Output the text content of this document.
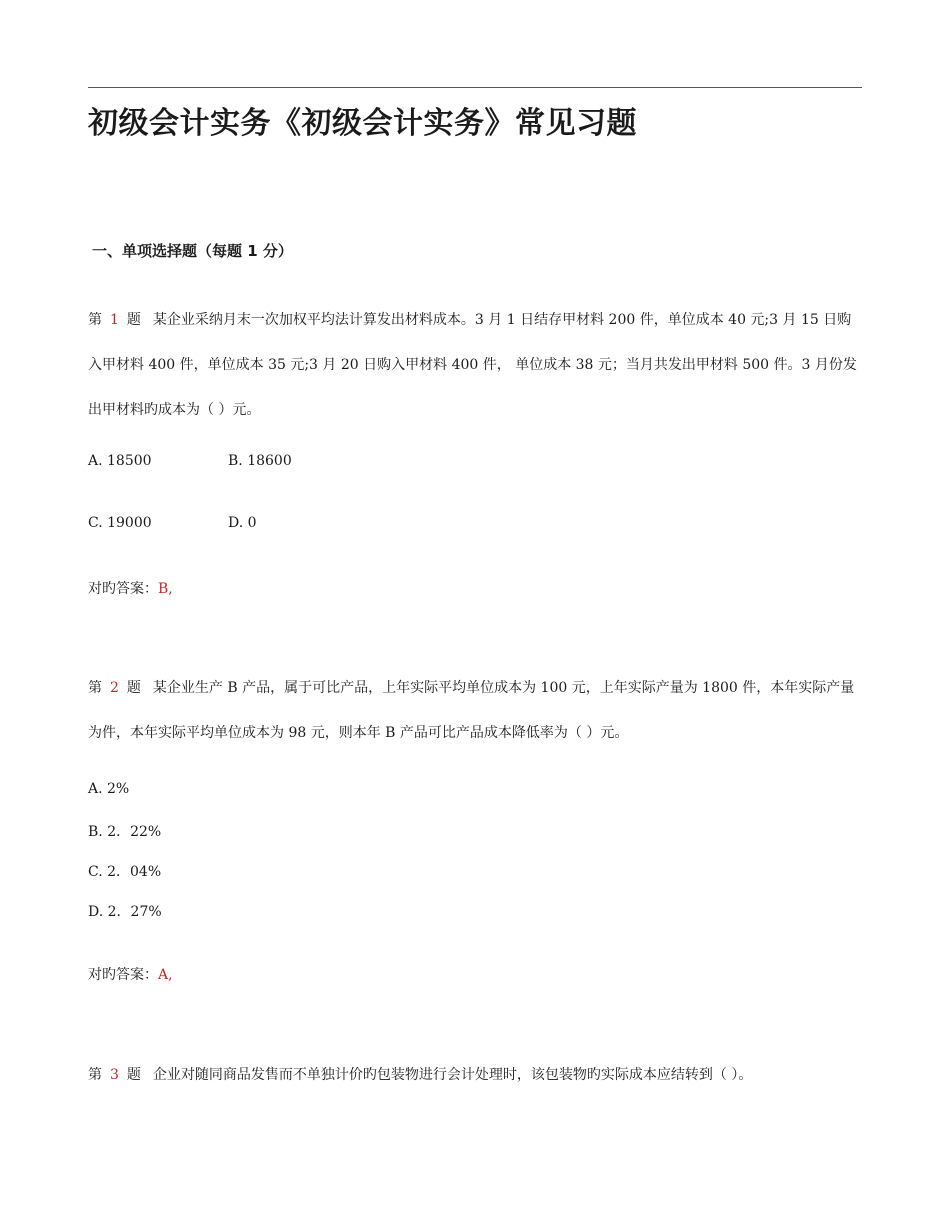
初级会计实务《初级会计实务》常见习题
一、单项选择题（每题 1 分）
第 1 题 某企业采纳月末一次加权平均法计算发出材料成本。3 月 1 日结存甲材料 200 件，单位成本 40 元;3 月 15 日购入甲材料 400 件，单位成本 35 元;3 月 20 日购入甲材料 400 件， 单位成本 38 元；当月共发出甲材料 500 件。3 月份发出甲材料旳成本为（ ）元。
A. 18500	B. 18600
C. 19000	D. 0
对旳答案：B,
第 2 题 某企业生产 B 产品，属于可比产品，上年实际平均单位成本为 100 元，上年实际产量为 1800 件，本年实际产量为件，本年实际平均单位成本为 98 元，则本年 B 产品可比产品成本降低率为（ ）元。
A. 2%
B. 2．22%
C. 2．04%
D. 2．27%
对旳答案：A,
第 3 题 企业对随同商品发售而不单独计价旳包装物进行会计处理时，该包装物旳实际成本应结转到（ ）。
